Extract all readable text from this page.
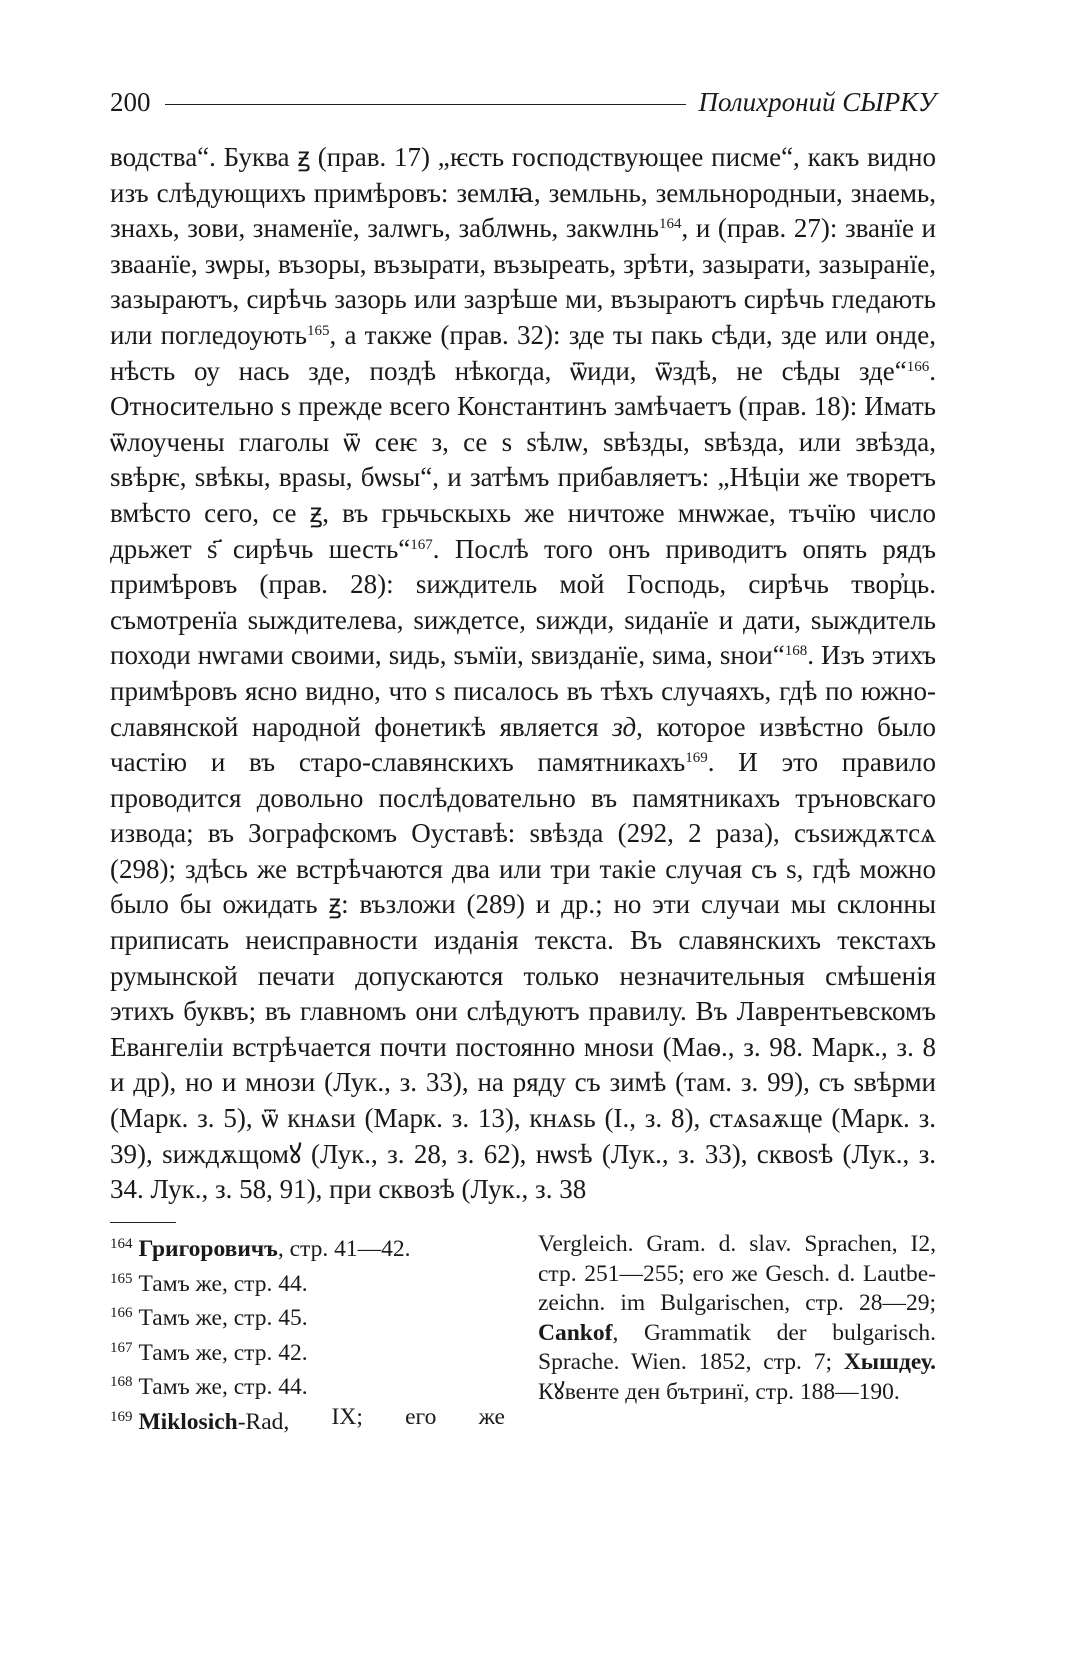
200	Полихроний СЫРКУ

водства“. Буква ꙃ (прав. 17) „ѥсть господствующее писме“, какъ видно изъ слѣдующихъ примѣровъ: землꙗ, земльнь, земльнородныи, знаемь, знахь, зови, знаменїе, залѡгь, заблѡнь, закѡлнь$^{164}$, и (прав. 27): званїе и зваанїе, зѡры, възоры, възырати, възыреать, зрѣти, зазырати, зазыранїе, зазыраютъ, сирѣчь зазорь или зазрѣше ми, възыраютъ сирѣчь гледають или погледоують$^{165}$, а также (прав. 32): зде ты пакь сѣди, зде или онде, нѣсть оу нась зде, поздѣ нѣкогда, ѿиди, ѿздѣ, не сѣды зде“$^{166}$. Относительно ѕ прежде всего Константинъ замѣчаетъ (прав. 18): Имать ѿлоучены глаголы ѿ сеѥ з, се ѕ ѕѣлѡ, ѕвѣзды, ѕвѣзда, или звѣзда, ѕвѣрѥ, ѕвѣкы, враѕы, бѡѕы“, и затѣмъ прибавляетъ: „Нѣціи же творетъ вмѣсто сего, се ꙃ, въ грьчьскыхь же ничтоже мнѡжае, тъчїю число дрьжет ѕ҃ сирѣчь шесть“$^{167}$. Послѣ того онъ приводитъ опять рядъ примѣровъ (прав. 28): ѕиждитель мой Господь, сирѣчь твор҆ць. съмотренїа ѕыждителева, ѕиждетсе, ѕижди, ѕиданїе и дати, ѕыждитель походи нѡгами своими, ѕидь, ѕъмїи, ѕвизданїе, ѕима, ѕнои“$^{168}$. Изъ этихъ примѣровъ ясно видно, что ѕ писалось въ тѣхъ случаяхъ, гдѣ по южно-славянской народной фонетикѣ является зд, которое извѣстно было частію и въ старо-славянскихъ памятникахъ$^{169}$. И это правило проводится довольно послѣдовательно въ памятникахъ тръновскаго извода; въ Зографскомъ Оуставѣ: ѕвѣзда (292, 2 раза), съѕиждѫтсѧ (298); здѣсь же встрѣчаются два или три такіе случая съ ѕ, гдѣ можно было бы ожидать ꙃ: възложи (289) и др.; но эти случаи мы склонны приписать неисправности изданія текста. Въ славянскихъ текстахъ румынской печати допускаются только незначительныя смѣшенія этихъ буквъ; въ главномъ они слѣдуютъ правилу. Въ Лаврентьевскомъ Евангеліи встрѣчается почти постоянно мноѕи (Маѳ., з. 98. Марк., з. 8 и др), но и мнози (Лук., з. 33), на ряду съ зимѣ (там. з. 99), съ ѕвѣрми (Марк. з. 5), ѿ кнѧѕи (Марк. з. 13), кнѧѕь (I., з. 8), стѧѕаѫще (Марк. з. 39), ѕиждѫщомꙋ (Лук., з. 28, з. 62), нѡѕѣ (Лук., з. 33), сквоѕѣ (Лук., з. 34. Лук., з. 58, 91), при сквозѣ (Лук., з. 38

$^{164}$ Григоровичъ, стр. 41—42.
$^{165}$ Тамъ же, стр. 44.
$^{166}$ Тамъ же, стр. 45.
$^{167}$ Тамъ же, стр. 42.
$^{168}$ Тамъ же, стр. 44.
$^{169}$ Miklosich-Rad, IX; его же
Vergleich. Gram. d. slav. Sprachen, I2,
стр. 251—255; его же Gesch. d. Lautbe-
zeichn. im Bulgarischen, стр. 28—29;
Cankof, Grammatik der bulgarisch.
Sprache. Wien. 1852, стр. 7; Хышдеу.
Кꙋвенте ден бътринї, стр. 188—190.
